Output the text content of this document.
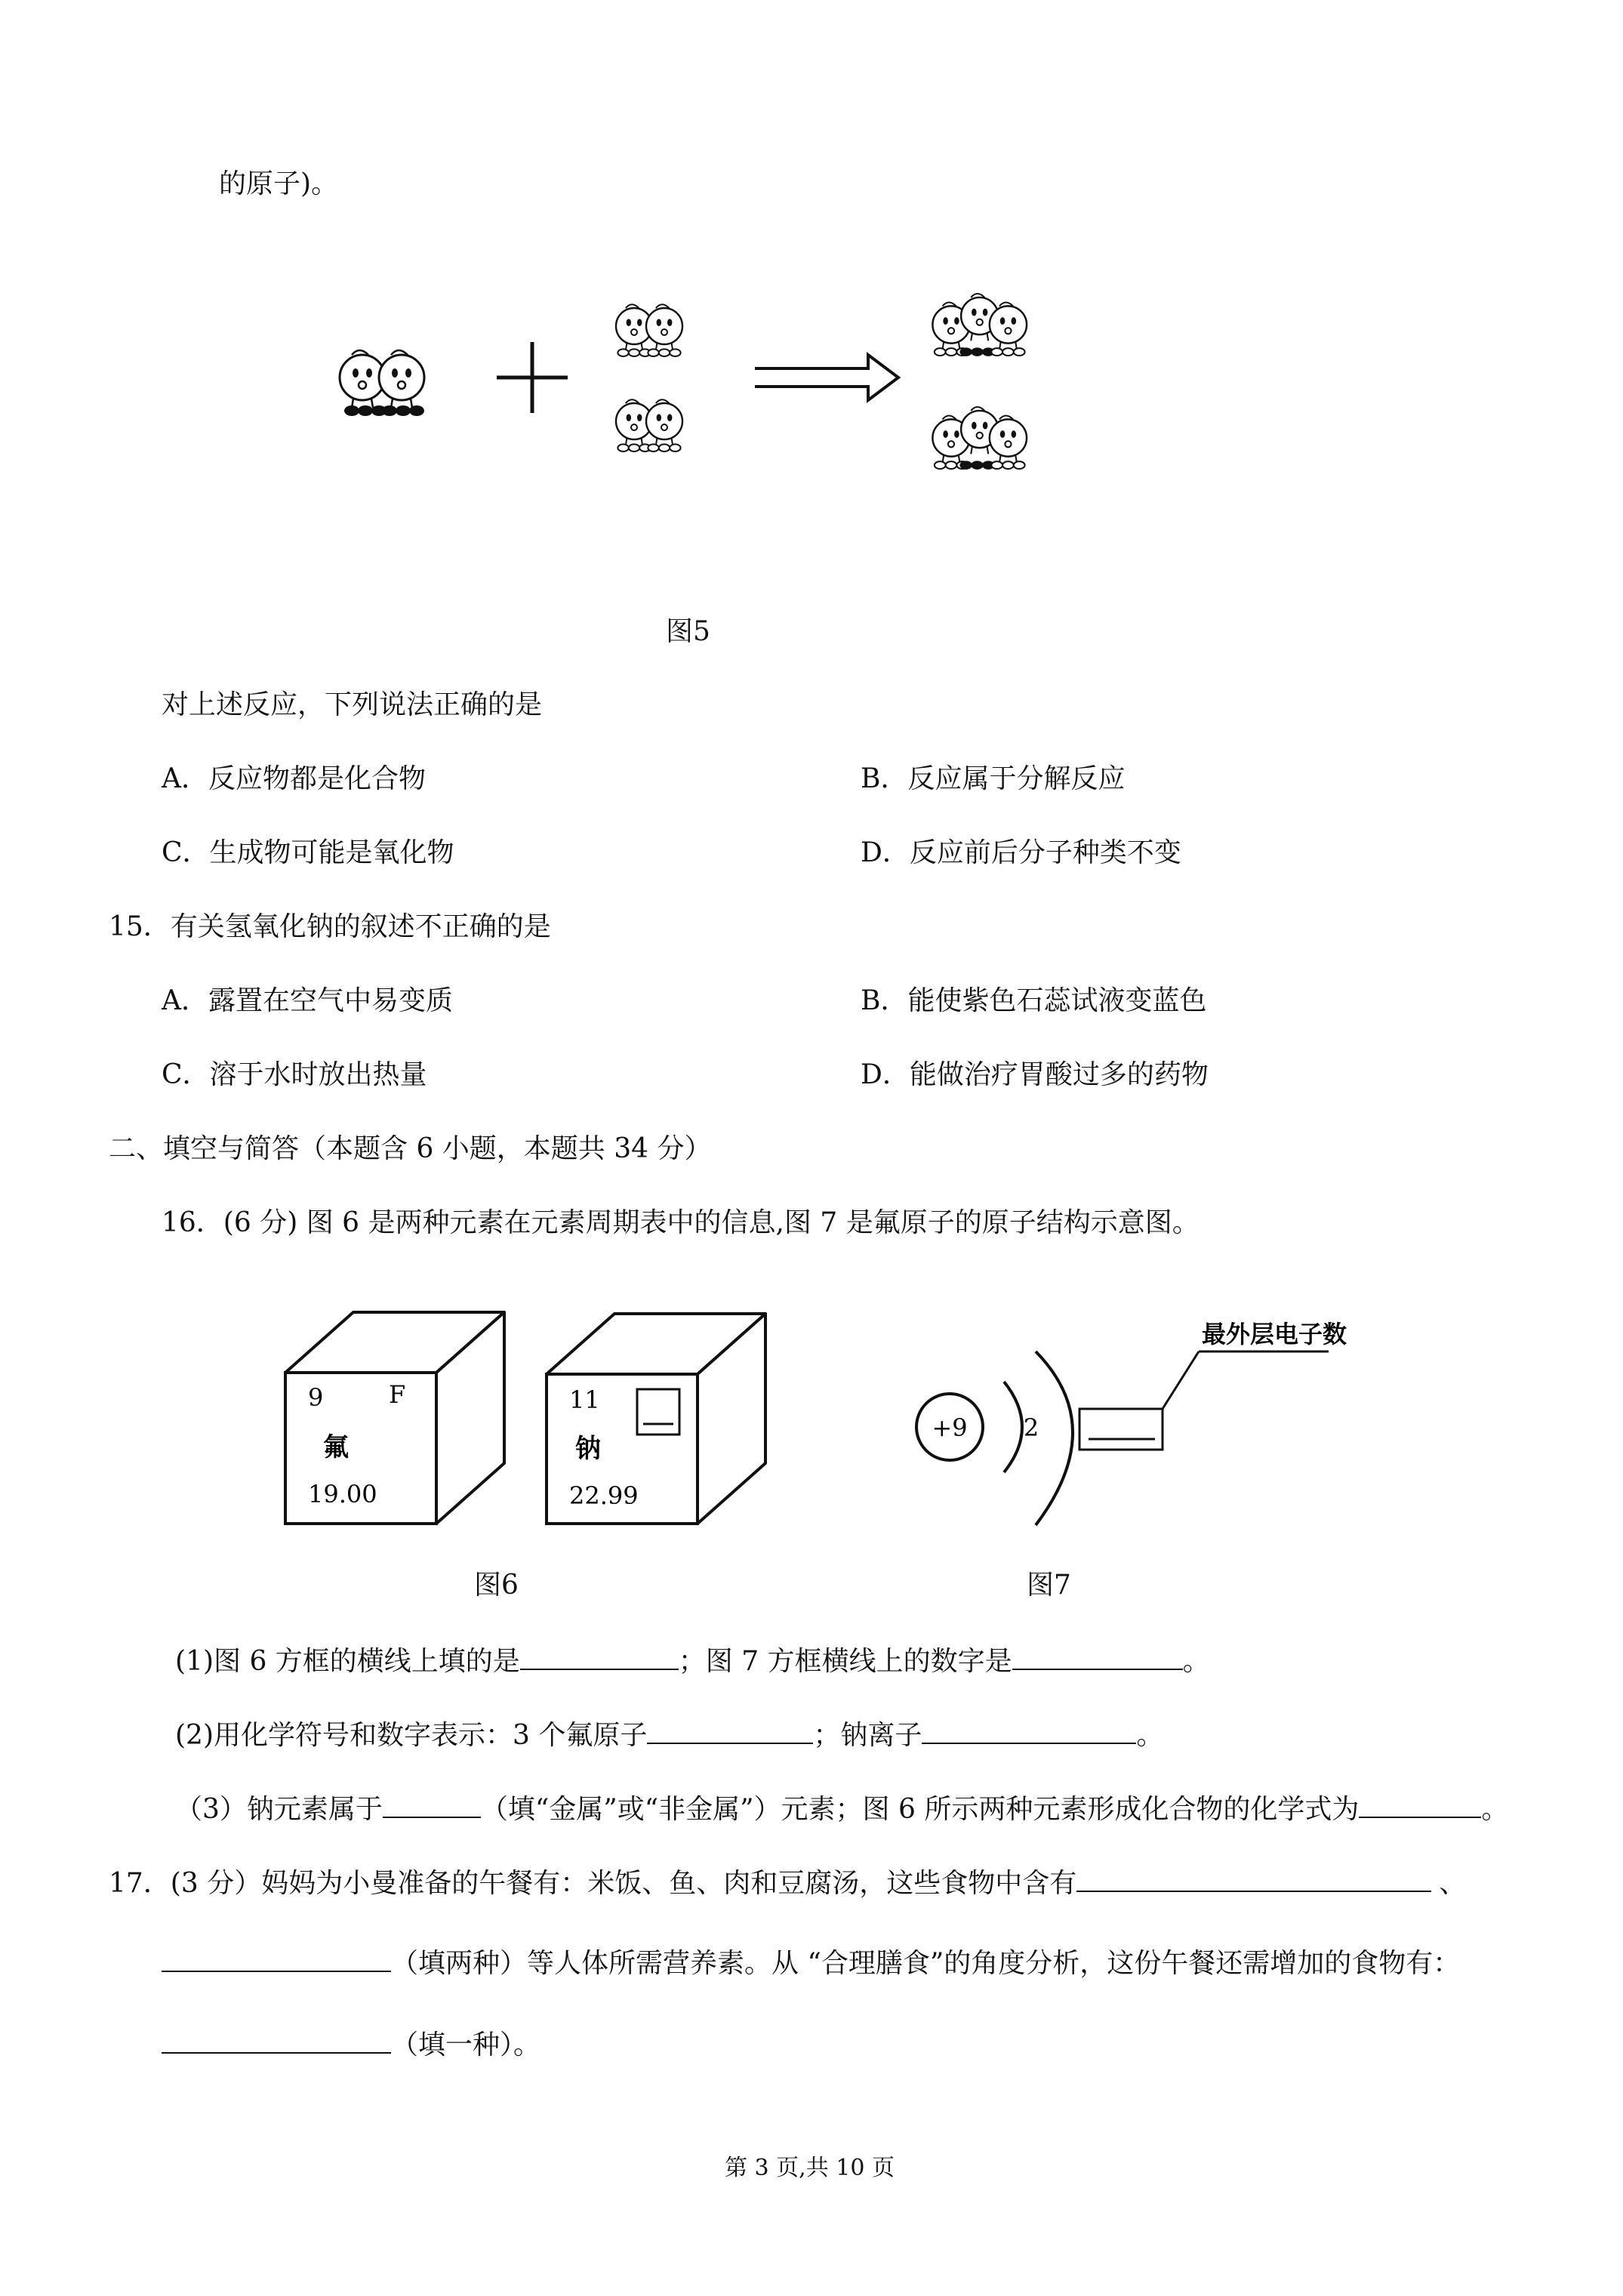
的原子)。
图5
对上述反应，下列说法正确的是
A．反应物都是化合物	B．反应属于分解反应
C．生成物可能是氧化物	D．反应前后分子种类不变
15．有关氢氧化钠的叙述不正确的是
A．露置在空气中易变质	B．能使紫色石蕊试液变蓝色
C．溶于水时放出热量	D．能做治疗胃酸过多的药物
二、填空与简答（本题含 6 小题，本题共 34 分）
16．(6 分) 图 6 是两种元素在元素周期表中的信息,图 7 是氟原子的原子结构示意图。
9	F
氟
19.00
11
钠
22.99
+9 2
最外层电子数
图6	图7
(1)图 6 方框的横线上填的是	；图 7 方框横线上的数字是	。
(2)用化学符号和数字表示：3 个氟原子	；钠离子	。
（3）钠元素属于	（填“金属”或“非金属”）元素；图 6 所示两种元素形成化合物的化学式为	。
17．(3 分）妈妈为小曼准备的午餐有：米饭、鱼、肉和豆腐汤，这些食物中含有	、
（填两种）等人体所需营养素。从 “合理膳食”的角度分析，这份午餐还需增加的食物有：
（填一种）。
第 3 页,共 10 页
